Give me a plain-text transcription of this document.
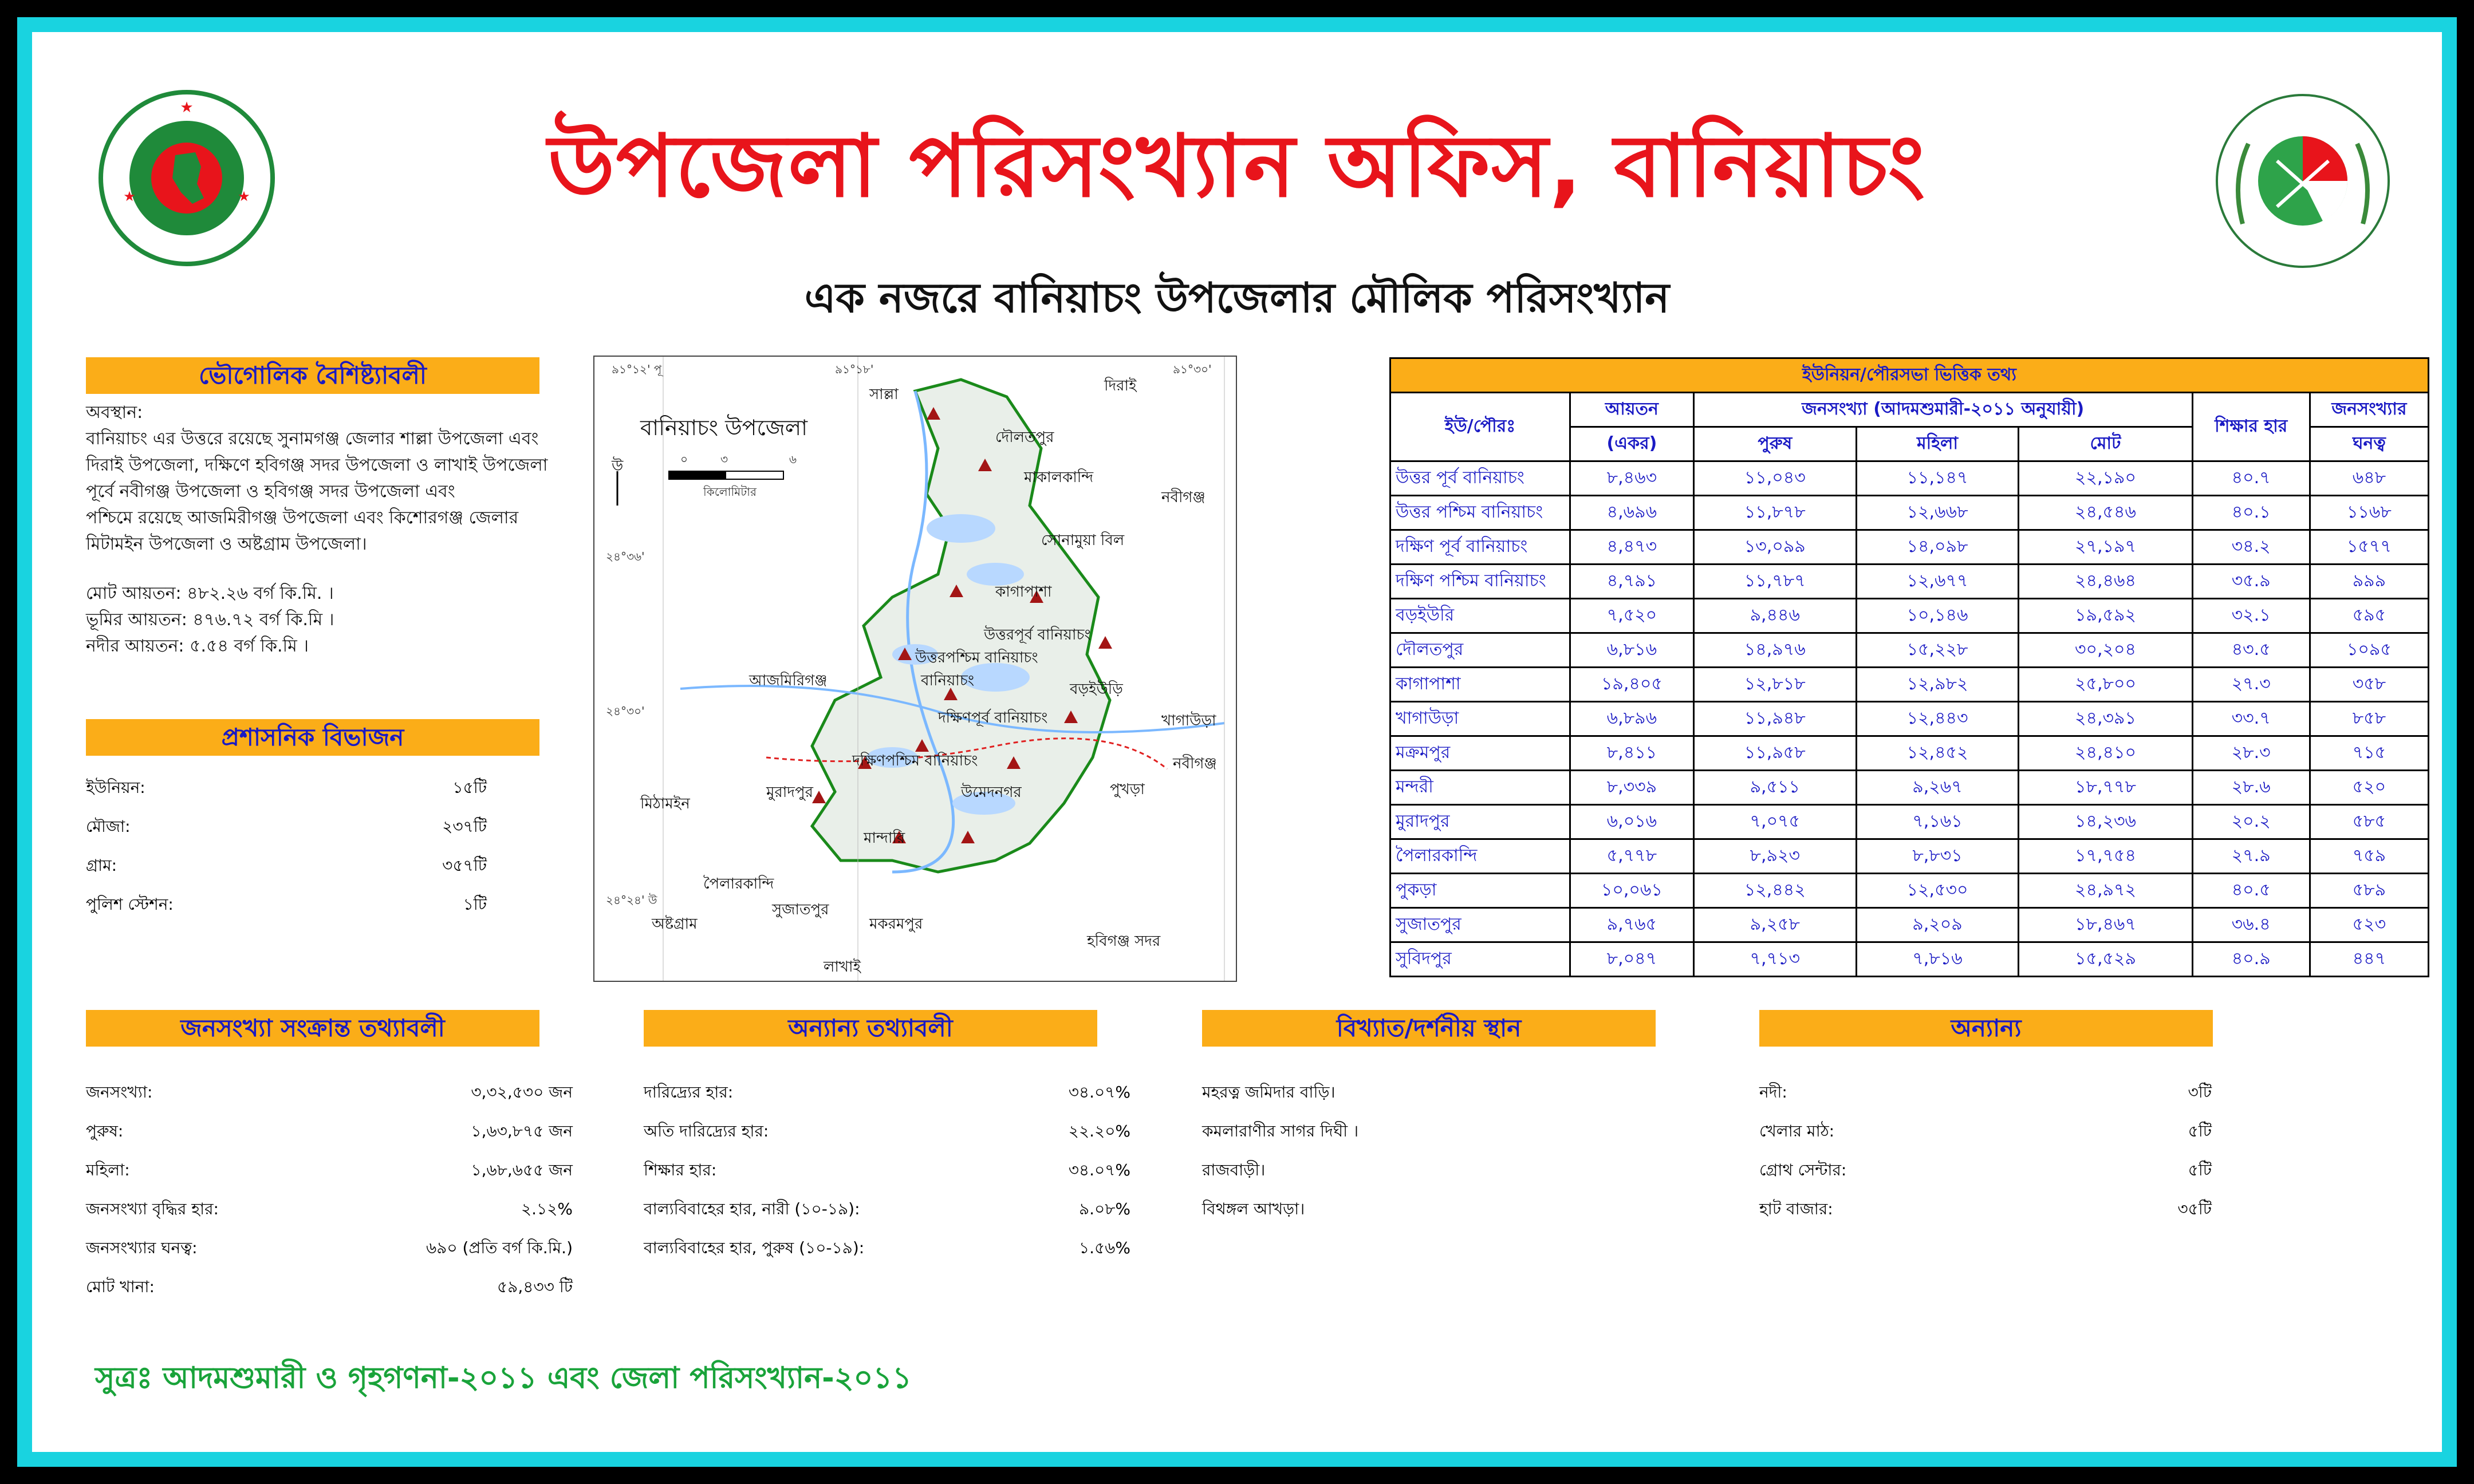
★
★	★	উপজেলা পরিসংখ্যান অফিস, বানিয়াচং
এক নজরে বানিয়াচং উপজেলার মৌলিক পরিসংখ্যান
ভৌগোলিক বৈশিষ্ট্যাবলী
অবস্থান:
বানিয়াচং এর উত্তরে রয়েছে সুনামগঞ্জ জেলার শাল্লা উপজেলা এবং
দিরাই উপজেলা, দক্ষিণে হবিগঞ্জ সদর উপজেলা ও লাখাই উপজেলা
পূর্বে নবীগঞ্জ উপজেলা ও হবিগঞ্জ সদর উপজেলা এবং
পশ্চিমে রয়েছে আজমিরীগঞ্জ উপজেলা এবং কিশোরগঞ্জ জেলার
মিটামইন উপজেলা ও অষ্টগ্রাম উপজেলা।
মোট আয়তন: ৪৮২.২৬ বর্গ কি.মি. ।
ভূমির আয়তন: ৪৭৬.৭২ বর্গ কি.মি ।
নদীর আয়তন: ৫.৫৪ বর্গ কি.মি ।
প্রশাসনিক বিভাজন
ইউনিয়ন:	১৫টি
মৌজা:	২৩৭টি
গ্রাম:	৩৫৭টি
পুলিশ স্টেশন:	১টি
বানিয়াচং উপজেলা
০	৩	৬
কিলোমিটার
উ
৯১°১২' পূ	৯১°১৮'	৯১°৩০'
২৪°৩৬'
২৪°৩০'
২৪°২৪' উ
সাল্লা	দিরাই
দৌলতপুর
মাকালকান্দি
নবীগঞ্জ
সোনামুয়া বিল
কাগাপাশা
উত্তরপূর্ব বানিয়াচং
আজমিরিগঞ্জ
উত্তরপশ্চিম বানিয়াচং
বানিয়াচং	বড়ইউড়ি
খাগাউড়া
দক্ষিণপূর্ব বানিয়াচং
দক্ষিণপশ্চিম বানিয়াচং	নবীগঞ্জ
মিঠামইন
মুরাদপুর	উমেদনগর	পুখড়া
মান্দারি
পৈলারকান্দি
সুজাতপুর
মকরমপুর
অষ্টগ্রাম
হবিগঞ্জ সদর
লাখাই
ইউনিয়ন/পৌরসভা ভিত্তিক তথ্য						
ইউ/পৌরঃ	আয়তন	জনসংখ্যা (আদমশুমারী-২০১১ অনুযায়ী)			শিক্ষার হার	জনসংখ্যার
	(একর)	পুরুষ	মহিলা	মোট		ঘনত্ব
উত্তর পূর্ব বানিয়াচং	৮,৪৬৩	১১,০৪৩	১১,১৪৭	২২,১৯০	৪০.৭	৬৪৮
উত্তর পশ্চিম বানিয়াচং	৪,৬৯৬	১১,৮৭৮	১২,৬৬৮	২৪,৫৪৬	৪০.১	১১৬৮
দক্ষিণ পূর্ব বানিয়াচং	৪,৪৭৩	১৩,০৯৯	১৪,০৯৮	২৭,১৯৭	৩৪.২	১৫৭৭
দক্ষিণ পশ্চিম বানিয়াচং	৪,৭৯১	১১,৭৮৭	১২,৬৭৭	২৪,৪৬৪	৩৫.৯	৯৯৯
বড়ইউরি	৭,৫২০	৯,৪৪৬	১০,১৪৬	১৯,৫৯২	৩২.১	৫৯৫
দৌলতপুর	৬,৮১৬	১৪,৯৭৬	১৫,২২৮	৩০,২০৪	৪৩.৫	১০৯৫
কাগাপাশা	১৯,৪০৫	১২,৮১৮	১২,৯৮২	২৫,৮০০	২৭.৩	৩৫৮
খাগাউড়া	৬,৮৯৬	১১,৯৪৮	১২,৪৪৩	২৪,৩৯১	৩৩.৭	৮৫৮
মক্রমপুর	৮,৪১১	১১,৯৫৮	১২,৪৫২	২৪,৪১০	২৮.৩	৭১৫
মন্দরী	৮,৩৩৯	৯,৫১১	৯,২৬৭	১৮,৭৭৮	২৮.৬	৫২০
মুরাদপুর	৬,০১৬	৭,০৭৫	৭,১৬১	১৪,২৩৬	২০.২	৫৮৫
পৈলারকান্দি	৫,৭৭৮	৮,৯২৩	৮,৮৩১	১৭,৭৫৪	২৭.৯	৭৫৯
পুকড়া	১০,০৬১	১২,৪৪২	১২,৫৩০	২৪,৯৭২	৪০.৫	৫৮৯
সুজাতপুর	৯,৭৬৫	৯,২৫৮	৯,২০৯	১৮,৪৬৭	৩৬.৪	৫২৩
সুবিদপুর	৮,০৪৭	৭,৭১৩	৭,৮১৬	১৫,৫২৯	৪০.৯	৪৪৭
জনসংখ্যা সংক্রান্ত তথ্যাবলী
জনসংখ্যা:	৩,৩২,৫৩০ জন
পুরুষ:	১,৬৩,৮৭৫ জন
মহিলা:	১,৬৮,৬৫৫ জন
জনসংখ্যা বৃদ্ধির হার:	২.১২%
জনসংখ্যার ঘনত্ব:	৬৯০ (প্রতি বর্গ কি.মি.)
মোট খানা:	৫৯,৪৩৩ টি
অন্যান্য তথ্যাবলী
দারিদ্র্যের হার:	৩৪.০৭%
অতি দারিদ্র্যের হার:	২২.২০%
শিক্ষার হার:	৩৪.০৭%
বাল্যবিবাহের হার, নারী (১০-১৯):	৯.০৮%
বাল্যবিবাহের হার, পুরুষ (১০-১৯):	১.৫৬%
বিখ্যাত/দর্শনীয় স্থান
মহরত্ন জমিদার বাড়ি।
কমলারাণীর সাগর দিঘী ।
রাজবাড়ী।
বিথঙ্গল আখড়া।
অন্যান্য
নদী:	৩টি
খেলার মাঠ:	৫টি
গ্রোথ সেন্টার:	৫টি
হাট বাজার:	৩৫টি
সুত্রঃ আদমশুমারী ও গৃহগণনা-২০১১ এবং জেলা পরিসংখ্যান-২০১১
